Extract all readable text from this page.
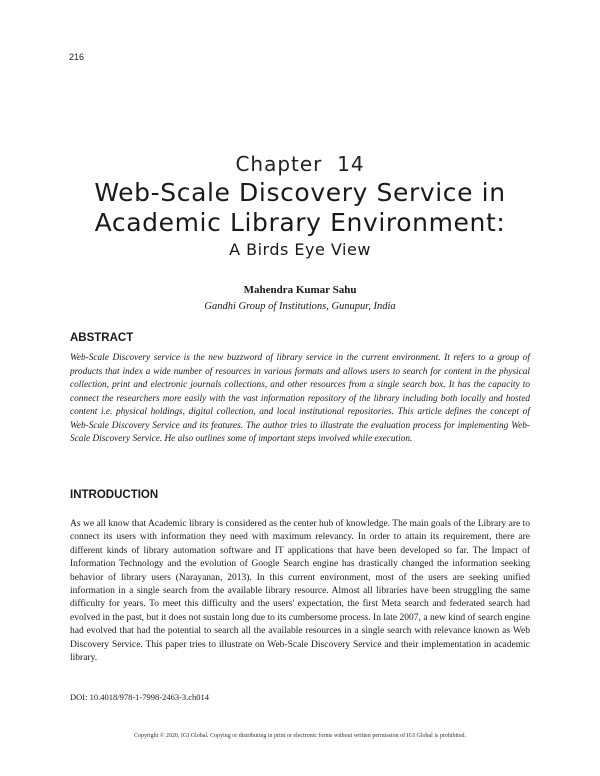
216
Chapter  14
Web-Scale Discovery Service in
Academic Library Environment:
A Birds Eye View
Mahendra Kumar Sahu
Gandhi Group of Institutions, Gunupur, India
ABSTRACT

Web-Scale Discovery service is the new buzzword of library service in the current environment. It refers to a group of products that index a wide number of resources in various formats and allows users to search for content in the physical collection, print and electronic journals collections, and other resources from a single search box. It has the capacity to connect the researchers more easily with the vast information repository of the library including both locally and hosted content i.e. physical holdings, digital collection, and local institutional repositories. This article defines the concept of Web-Scale Discovery Service and its features. The author tries to illustrate the evaluation process for implementing Web-Scale Discovery Service. He also outlines some of important steps involved while execution.

INTRODUCTION

As we all know that Academic library is considered as the center hub of knowledge. The main goals of the Library are to connect its users with information they need with maximum relevancy. In order to attain its requirement, there are different kinds of library automation software and IT applications that have been developed so far. The Impact of Information Technology and the evolution of Google Search engine has drastically changed the information seeking behavior of library users (Narayanan, 2013). In this current environment, most of the users are seeking unified information in a single search from the available library resource. Almost all libraries have been struggling the same difficulty for years. To meet this difficulty and the users' expectation, the first Meta search and federated search had evolved in the past, but it does not sustain long due to its cumbersome process. In late 2007, a new kind of search engine had evolved that had the potential to search all the available resources in a single search with relevance known as Web Discovery Service. This paper tries to illustrate on Web-Scale Discovery Service and their implementation in academic library.

DOI: 10.4018/978-1-7998-2463-3.ch014
Copyright © 2020, IGI Global. Copying or distributing in print or electronic forms without written permission of IGI Global is prohibited.
